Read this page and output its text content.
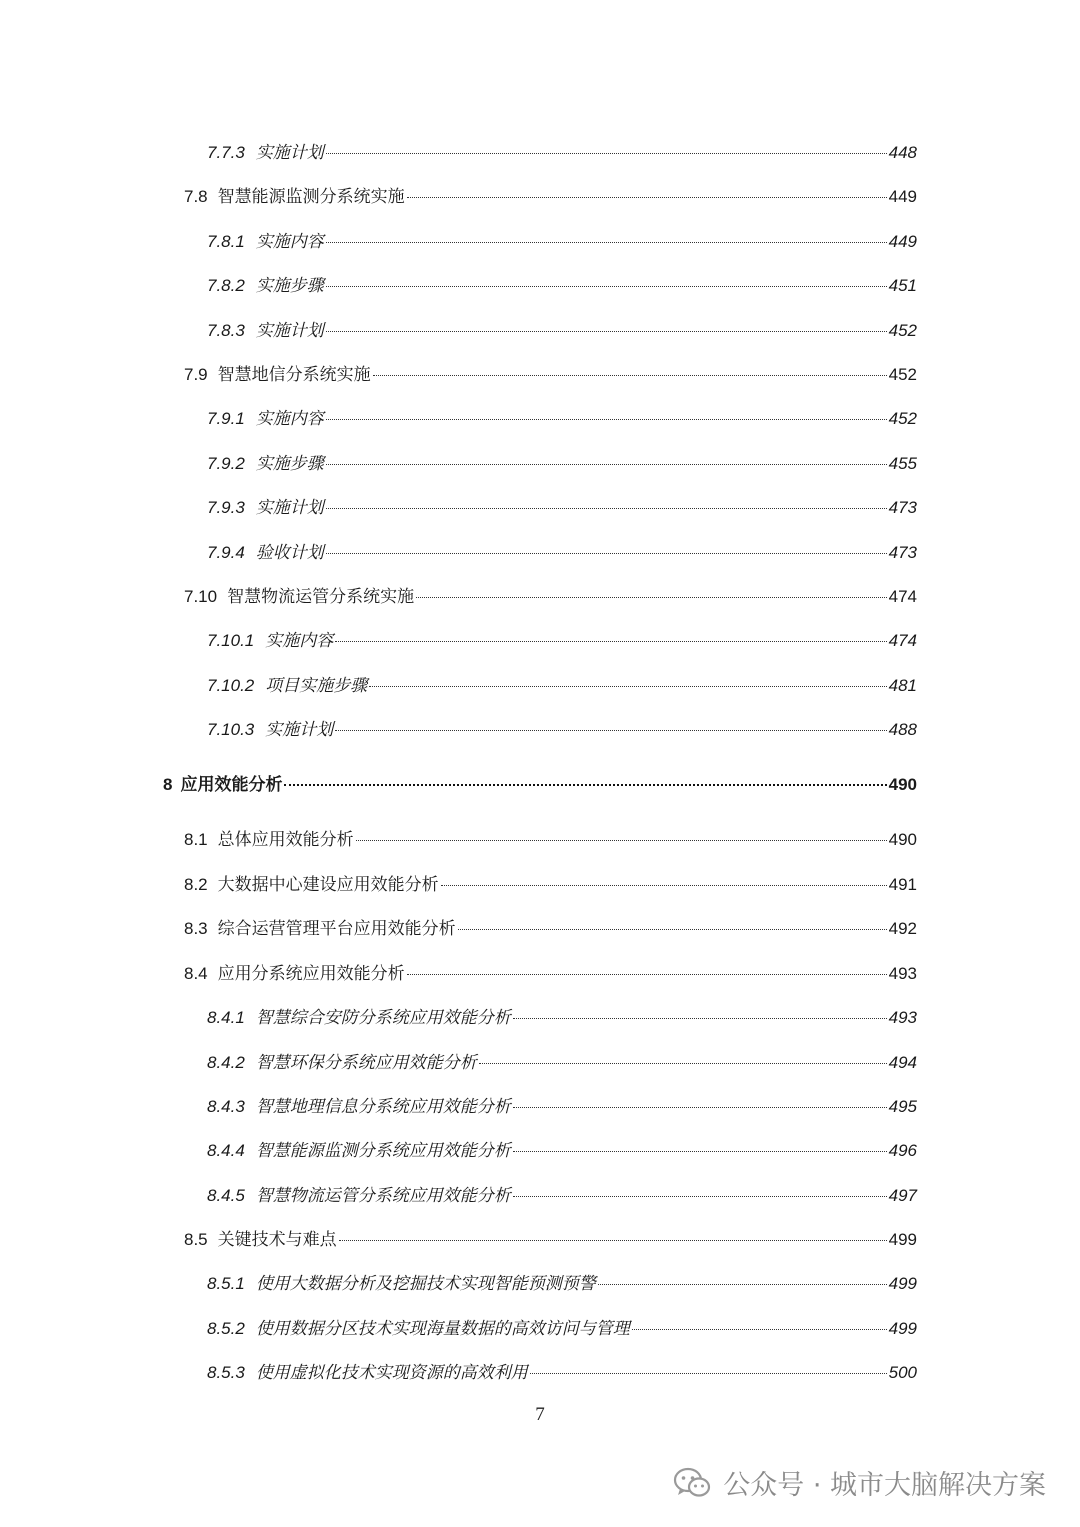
7.7.3 实施计划	448
7.8 智慧能源监测分系统实施	449
7.8.1 实施内容	449
7.8.2 实施步骤	451
7.8.3 实施计划	452
7.9 智慧地信分系统实施	452
7.9.1 实施内容	452
7.9.2 实施步骤	455
7.9.3 实施计划	473
7.9.4 验收计划	473
7.10 智慧物流运管分系统实施	474
7.10.1 实施内容	474
7.10.2 项目实施步骤	481
7.10.3 实施计划	488
8 应用效能分析	490
8.1 总体应用效能分析	490
8.2 大数据中心建设应用效能分析	491
8.3 综合运营管理平台应用效能分析	492
8.4 应用分系统应用效能分析	493
8.4.1 智慧综合安防分系统应用效能分析	493
8.4.2 智慧环保分系统应用效能分析	494
8.4.3 智慧地理信息分系统应用效能分析	495
8.4.4 智慧能源监测分系统应用效能分析	496
8.4.5 智慧物流运管分系统应用效能分析	497
8.5 关键技术与难点	499
8.5.1 使用大数据分析及挖掘技术实现智能预测预警	499
8.5.2 使用数据分区技术实现海量数据的高效访问与管理	499
8.5.3 使用虚拟化技术实现资源的高效利用	500
7
公众号 · 城市大脑解决方案
